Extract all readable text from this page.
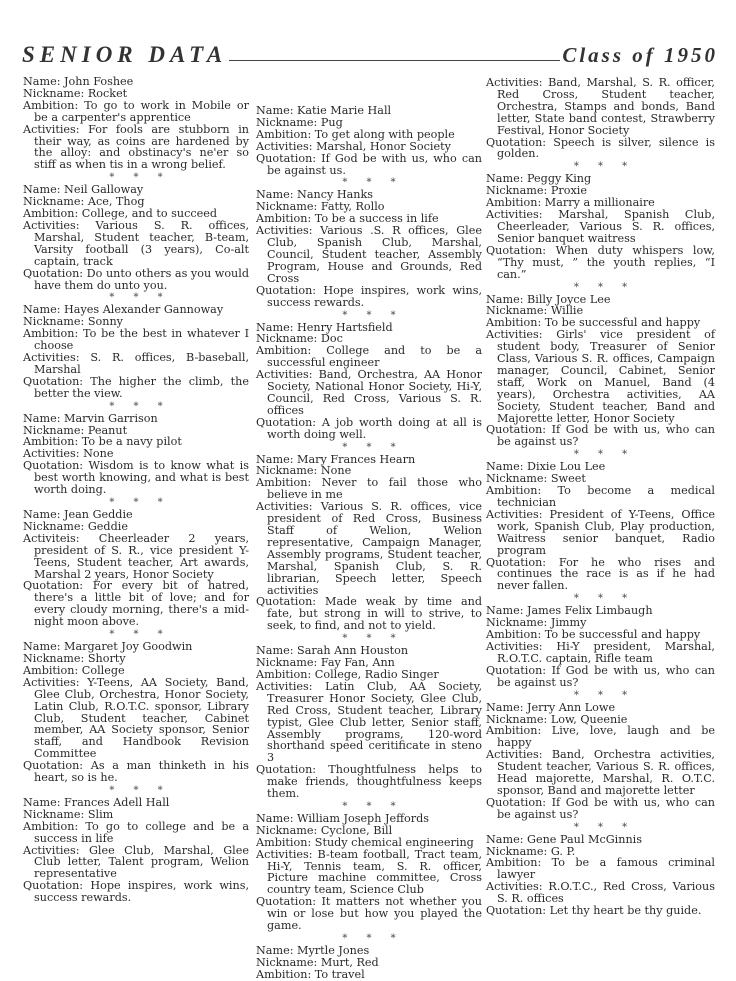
SENIOR DATA	Class of 1950

Name: John Foshee

Nickname: Rocket

Ambition: To go to work in Mobile or be a carpenter's apprentice

Activities: For fools are stubborn in their way, as coins are hardened by the alloy: and obstinacy's ne'er so stiff as when tis in a wrong belief.

* * *

Name: Neil Galloway

Nickname: Ace, Thog

Ambition: College, and to succeed

Activities: Various S. R. offices, Marshal, Student teacher, B-team, Varsity football (3 years), Co-alt captain, track

Quotation: Do unto others as you would have them do unto you.

* * *

Name: Hayes Alexander Gannoway

Nickname: Sonny

Ambition: To be the best in whatever I choose

Activities: S. R. offices, B-baseball, Marshal

Quotation: The higher the climb, the better the view.

* * *

Name: Marvin Garrison

Nickname: Peanut

Ambition: To be a navy pilot

Activities: None

Quotation: Wisdom is to know what is best worth knowing, and what is best worth doing.

* * *

Name: Jean Geddie

Nickname: Geddie

Activiteis: Cheerleader 2 years, president of S. R., vice president Y-Teens, Student teacher, Art awards, Marshal 2 years, Honor Society

Quotation: For every bit of hatred, there's a little bit of love; and for every cloudy morning, there's a mid-night moon above.

* * *

Name: Margaret Joy Goodwin

Nickname: Shorty

Ambition: College

Activities: Y-Teens, AA Society, Band, Glee Club, Orchestra, Honor Society, Latin Club, R.O.T.C. sponsor, Library Club, Student teacher, Cabinet member, AA Society sponsor, Senior staff, and Handbook Revision Committee

Quotation: As a man thinketh in his heart, so is he.

* * *

Name: Frances Adell Hall

Nickname: Slim

Ambition: To go to college and be a success in life

Activities: Glee Club, Marshal, Glee Club letter, Talent program, Welion representative

Quotation: Hope inspires, work wins, success rewards.

Name: Katie Marie Hall

Nickname: Pug

Ambition: To get along with people

Activities: Marshal, Honor Society

Quotation: If God be with us, who can be against us.

* * *

Name: Nancy Hanks

Nickname: Fatty, Rollo

Ambition: To be a success in life

Activities: Various .S. R offices, Glee Club, Spanish Club, Marshal, Council, Student teacher, Assembly Program, House and Grounds, Red Cross

Quotation: Hope inspires, work wins, success rewards.

* * *

Name: Henry Hartsfield

Nickname: Doc

Ambition: College and to be a successful engineer

Activities: Band, Orchestra, AA Honor Society, National Honor Society, Hi-Y, Council, Red Cross, Various S. R. offices

Quotation: A job worth doing at all is worth doing well.

* * *

Name: Mary Frances Hearn

Nickname: None

Ambition: Never to fail those who believe in me

Activities: Various S. R. offices, vice president of Red Cross, Business Staff of Welion, Welion representative, Campaign Manager, Assembly programs, Student teacher, Marshal, Spanish Club, S. R. librarian, Speech letter, Speech activities

Quotation: Made weak by time and fate, but strong in will to strive, to seek, to find, and not to yield.

* * *

Name: Sarah Ann Houston

Nickname: Fay Fan, Ann

Ambition: College, Radio Singer

Activities: Latin Club, AA Society, Treasurer Honor Society, Glee Club, Red Cross, Student teacher, Library typist, Glee Club letter, Senior staff, Assembly programs, 120-word shorthand speed ceritificate in steno 3

Quotation: Thoughtfulness helps to make friends, thoughtfulness keeps them.

* * *

Name: William Joseph Jeffords

Nickname: Cyclone, Bill

Ambition: Study chemical engineering

Activities: B-team football, Tract team, Hi-Y, Tennis team, S. R. officer, Picture machine committee, Cross country team, Science Club

Quotation: It matters not whether you win or lose but how you played the game.

* * *

Name: Myrtle Jones

Nickname: Murt, Red

Ambition: To travel

Activities: Band, Marshal, S. R. officer, Red Cross, Student teacher, Orchestra, Stamps and bonds, Band letter, State band contest, Strawberry Festival, Honor Society

Quotation: Speech is silver, silence is golden.

* * *

Name: Peggy King

Nickname: Proxie

Ambition: Marry a millionaire

Activities: Marshal, Spanish Club, Cheerleader, Various S. R. offices, Senior banquet waitress

Quotation: When duty whispers low, “Thy must, ” the youth replies, “I can.”

* * *

Name: Billy Joyce Lee

Nickname: Willie

Ambition: To be successful and happy

Activities: Girls' vice president of student body, Treasurer of Senior Class, Various S. R. offices, Campaign manager, Council, Cabinet, Senior staff, Work on Manuel, Band (4 years), Orchestra activities, AA Society, Student teacher, Band and Majorette letter, Honor Society

Quotation: If God be with us, who can be against us?

* * *

Name: Dixie Lou Lee

Nickname: Sweet

Ambition: To become a medical technician

Activities: President of Y-Teens, Office work, Spanish Club, Play production, Waitress senior banquet, Radio program

Quotation: For he who rises and continues the race is as if he had never fallen.

* * *

Name: James Felix Limbaugh

Nickname: Jimmy

Ambition: To be successful and happy

Activities: Hi-Y president, Marshal, R.O.T.C. captain, Rifle team

Quotation: If God be with us, who can be against us?

* * *

Name: Jerry Ann Lowe

Nickname: Low, Queenie

Ambition: Live, love, laugh and be happy

Activities: Band, Orchestra activities, Student teacher, Various S. R. offices, Head majorette, Marshal, R. O.T.C. sponsor, Band and majorette letter

Quotation: If God be with us, who can be against us?

* * *

Name: Gene Paul McGinnis

Nickname: G. P.

Ambition: To be a famous criminal lawyer

Activities: R.O.T.C., Red Cross, Various S. R. offices

Quotation: Let thy heart be thy guide.
